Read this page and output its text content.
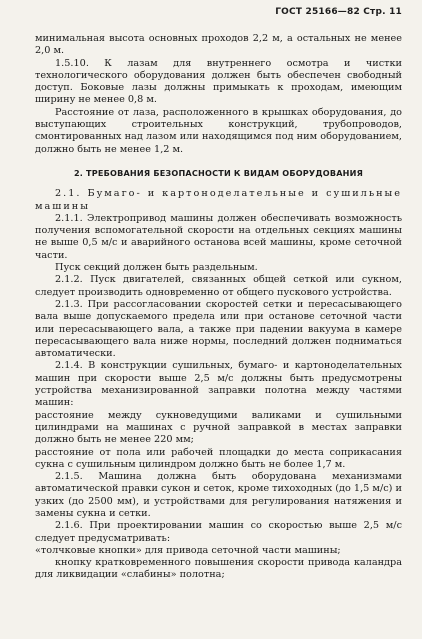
ГОСТ 25166—82 Стр. 11

минимальная высота основных проходов 2,2 м, а остальных не менее 2,0 м.

1.5.10. К лазам для внутреннего осмотра и чистки технологического оборудования должен быть обеспечен свободный доступ. Боковые лазы должны примыкать к проходам, имеющим ширину не менее 0,8 м.

Расстояние от лаза, расположенного в крышках оборудования, до выступающих строительных конструкций, трубопроводов, смонтированных над лазом или находящимся под ним оборудованием, должно быть не менее 1,2 м.

2. ТРЕБОВАНИЯ БЕЗОПАСНОСТИ К ВИДАМ ОБОРУДОВАНИЯ

2.1. Бумаго- и картоноделательные и сушильные машины

2.1.1. Электропривод машины должен обеспечивать возможность получения вспомогательной скорости на отдельных секциях машины не выше 0,5 м/с и аварийного останова всей машины, кроме сеточной части.

Пуск секций должен быть раздельным.

2.1.2. Пуск двигателей, связанных общей сеткой или сукном, следует производить одновременно от общего пускового устройства.

2.1.3. При рассогласовании скоростей сетки и пересасывающего вала выше допускаемого предела или при останове сеточной части или пересасывающего вала, а также при падении вакуума в камере пересасывающего вала ниже нормы, последний должен подниматься автоматически.

2.1.4. В конструкции сушильных, бумаго- и картоноделательных машин при скорости выше 2,5 м/с должны быть предусмотрены устройства механизированной заправки полотна между частями машин:

расстояние между сукноведущими валиками и сушильными цилиндрами на машинах с ручной заправкой в местах заправки должно быть не менее 220 мм;

расстояние от пола или рабочей площадки до места соприкасания сукна с сушильным цилиндром должно быть не более 1,7 м.

2.1.5. Машина должна быть оборудована механизмами автоматической правки сукон и сеток, кроме тихоходных (до 1,5 м/с) и узких (до 2500 мм), и устройствами для регулирования натяжения и замены сукна и сетки.

2.1.6. При проектировании машин со скоростью выше 2,5 м/с следует предусматривать:

«толчковые кнопки» для привода сеточной части машины;

кнопку кратковременного повышения скорости привода каландра для ликвидации «слабины» полотна;
